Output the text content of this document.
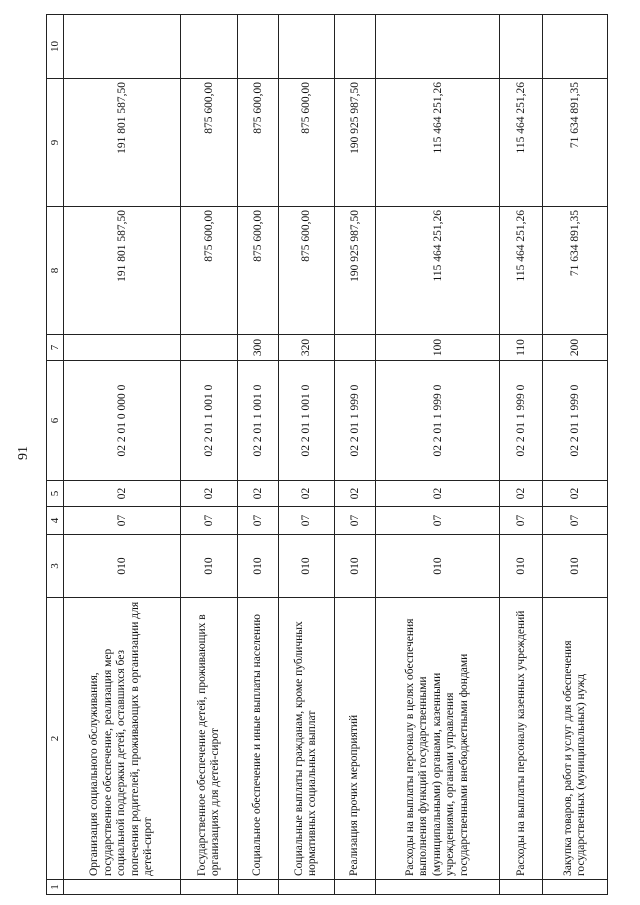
91
1	2	3	4	5	6	7	8	9	10
	Организация социального обслуживания, государственное обеспечение, реализация мер социальной поддержки детей, оставшихся без попечения родителей, проживающих в организации для детей-сирот	010	07	02	02 2 01 0 000 0		191 801 587,50	191 801 587,50	
	Государственное обеспечение детей, проживающих в организациях для детей-сирот	010	07	02	02 2 01 1 001 0		875 600,00	875 600,00	
	Социальное обеспечение и иные выплаты населению	010	07	02	02 2 01 1 001 0	300	875 600,00	875 600,00	
	Социальные выплаты гражданам, кроме публичных нормативных социальных выплат	010	07	02	02 2 01 1 001 0	320	875 600,00	875 600,00	
	Реализация прочих мероприятий	010	07	02	02 2 01 1 999 0		190 925 987,50	190 925 987,50	
	Расходы на выплаты персоналу в целях обеспечения выполнения функций государственными (муниципальными) органами, казенными учреждениями, органами управления государственными внебюджетными фондами	010	07	02	02 2 01 1 999 0	100	115 464 251,26	115 464 251,26	
	Расходы на выплаты персоналу казенных учреждений	010	07	02	02 2 01 1 999 0	110	115 464 251,26	115 464 251,26	
	Закупка товаров, работ и услуг для обеспечения государственных (муниципальных) нужд	010	07	02	02 2 01 1 999 0	200	71 634 891,35	71 634 891,35	
